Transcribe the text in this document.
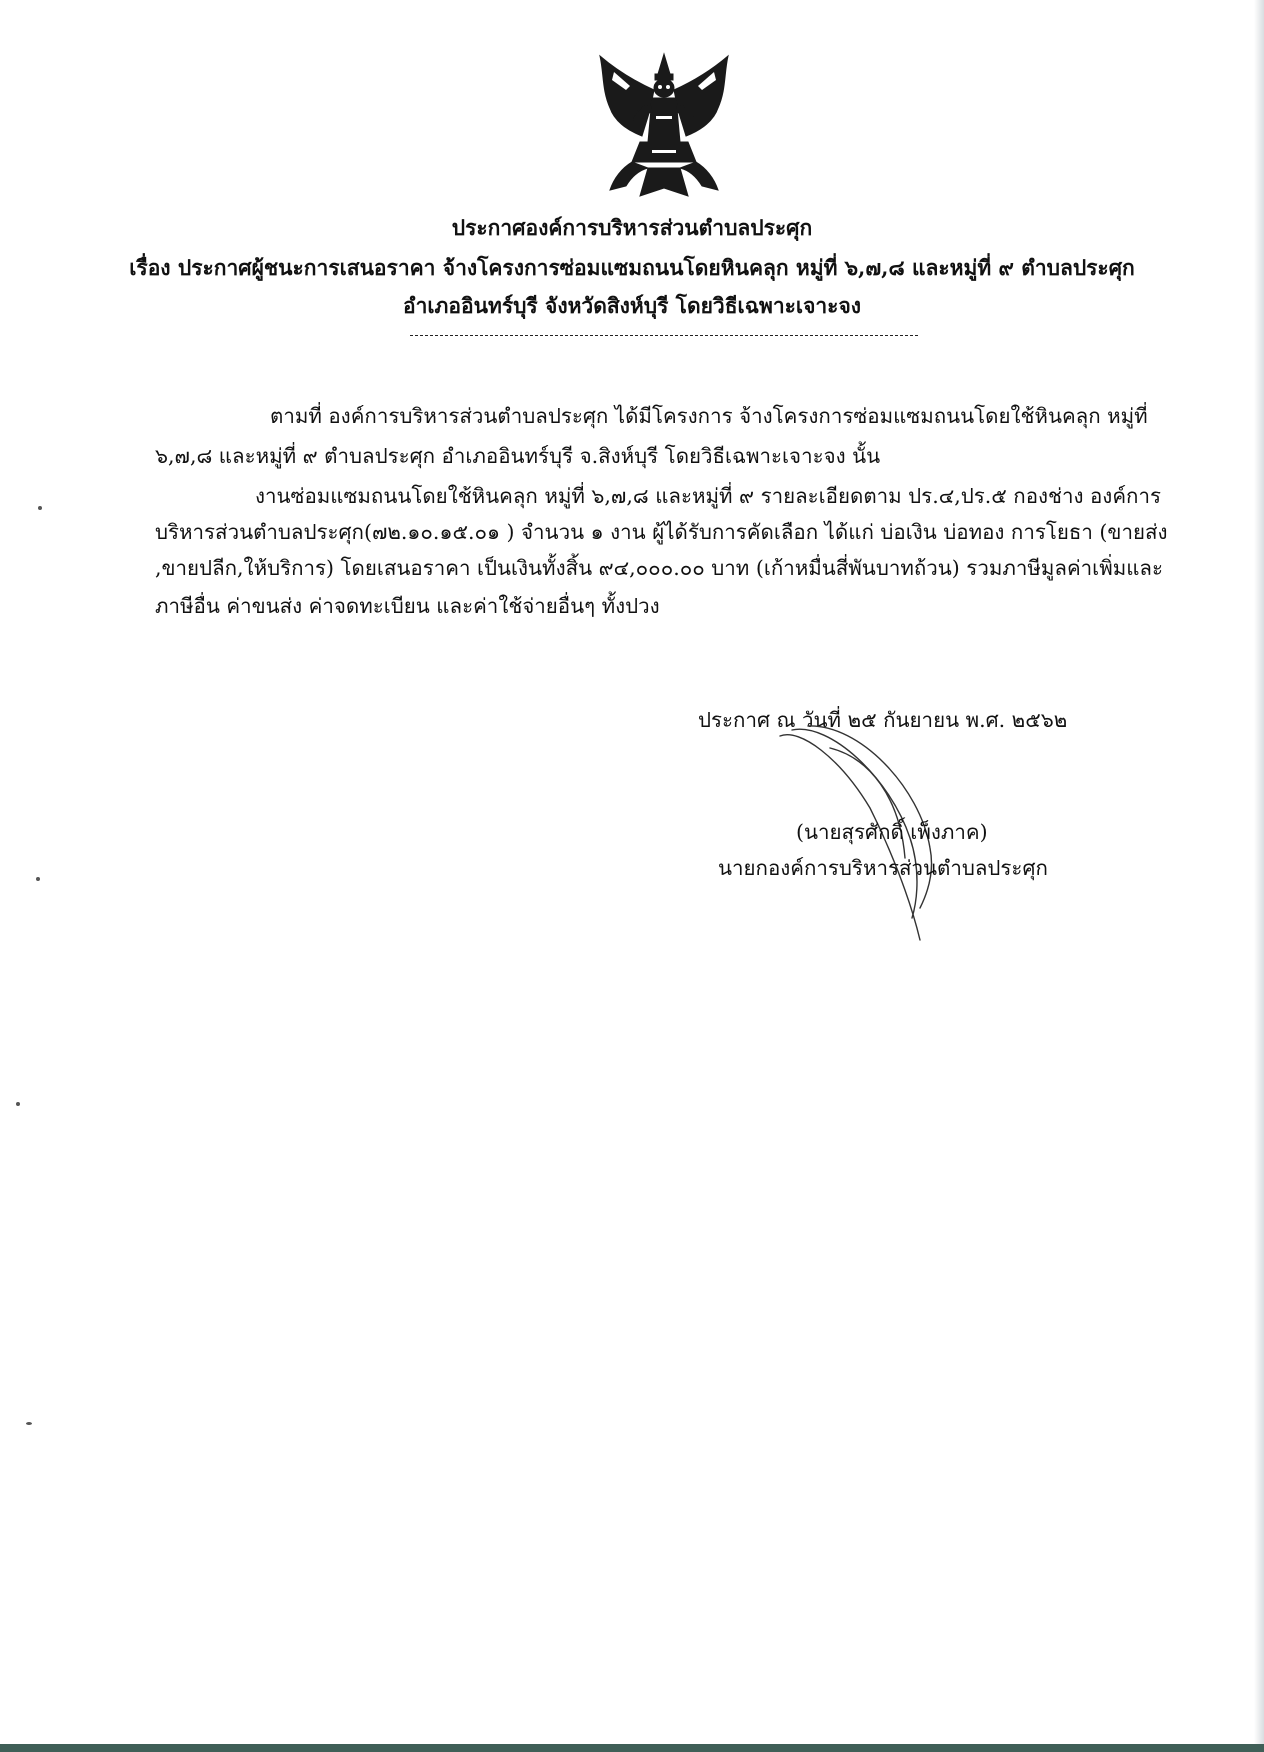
ประกาศองค์การบริหารส่วนตำบลประศุก
เรื่อง ประกาศผู้ชนะการเสนอราคา จ้างโครงการซ่อมแซมถนนโดยหินคลุก หมู่ที่ ๖,๗,๘ และหมู่ที่ ๙ ตำบลประศุก
อำเภออินทร์บุรี จังหวัดสิงห์บุรี โดยวิธีเฉพาะเจาะจง
ตามที่ องค์การบริหารส่วนตำบลประศุก ได้มีโครงการ จ้างโครงการซ่อมแซมถนนโดยใช้หินคลุก หมู่ที่
๖,๗,๘ และหมู่ที่ ๙ ตำบลประศุก อำเภออินทร์บุรี จ.สิงห์บุรี โดยวิธีเฉพาะเจาะจง นั้น
งานซ่อมแซมถนนโดยใช้หินคลุก หมู่ที่ ๖,๗,๘ และหมู่ที่ ๙ รายละเอียดตาม ปร.๔,ปร.๕ กองช่าง องค์การ
บริหารส่วนตำบลประศุก(๗๒.๑๐.๑๕.๐๑ ) จำนวน ๑ งาน ผู้ได้รับการคัดเลือก ได้แก่ บ่อเงิน บ่อทอง การโยธา (ขายส่ง
,ขายปลีก,ให้บริการ) โดยเสนอราคา เป็นเงินทั้งสิ้น ๙๔,๐๐๐.๐๐ บาท (เก้าหมื่นสี่พันบาทถ้วน) รวมภาษีมูลค่าเพิ่มและ
ภาษีอื่น ค่าขนส่ง ค่าจดทะเบียน และค่าใช้จ่ายอื่นๆ ทั้งปวง
ประกาศ ณ วันที่ ๒๕ กันยายน พ.ศ. ๒๕๖๒
(นายสุรศักดิ์ เพ็งภาค)
นายกองค์การบริหารส่วนตำบลประศุก
